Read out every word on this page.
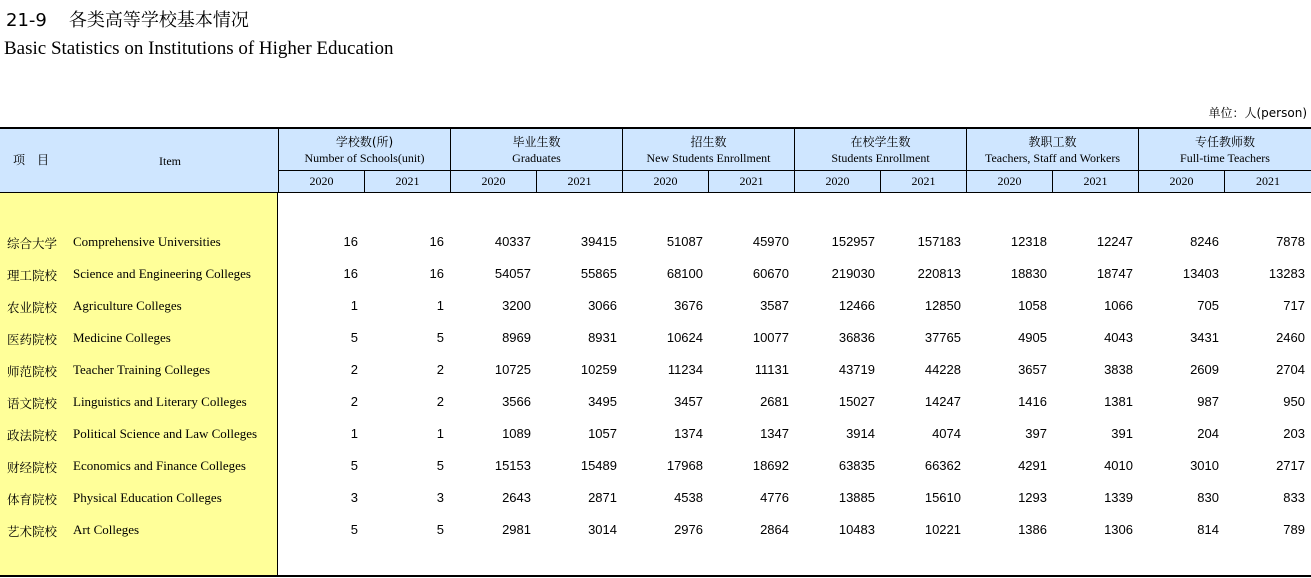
21-9 各类高等学校基本情况
Basic Statistics on Institutions of Higher Education
单位：人(person)
项　目	Item
学校数(所)
Number of Schools(unit)
毕业生数
Graduates
招生数
New Students Enrollment
在校学生数
Students Enrollment
教职工数
Teachers, Staff and Workers
专任教师数
Full-time Teachers
2020	2021	2020	2021	2020	2021	2020	2021	2020	2021	2020	2021
综合大学 Comprehensive Universities	16	16	40337	39415	51087	45970	152957	157183	12318	12247	8246	7878
理工院校 Science and Engineering Colleges	16	16	54057	55865	68100	60670	219030	220813	18830	18747	13403	13283
农业院校 Agriculture Colleges	1	1	3200	3066	3676	3587	12466	12850	1058	1066	705	717
医药院校 Medicine Colleges	5	5	8969	8931	10624	10077	36836	37765	4905	4043	3431	2460
师范院校 Teacher Training Colleges	2	2	10725	10259	11234	11131	43719	44228	3657	3838	2609	2704
语文院校 Linguistics and Literary Colleges	2	2	3566	3495	3457	2681	15027	14247	1416	1381	987	950
政法院校 Political Science and Law Colleges	1	1	1089	1057	1374	1347	3914	4074	397	391	204	203
财经院校 Economics and Finance Colleges	5	5	15153	15489	17968	18692	63835	66362	4291	4010	3010	2717
体育院校 Physical Education Colleges	3	3	2643	2871	4538	4776	13885	15610	1293	1339	830	833
艺术院校 Art Colleges	5	5	2981	3014	2976	2864	10483	10221	1386	1306	814	789
